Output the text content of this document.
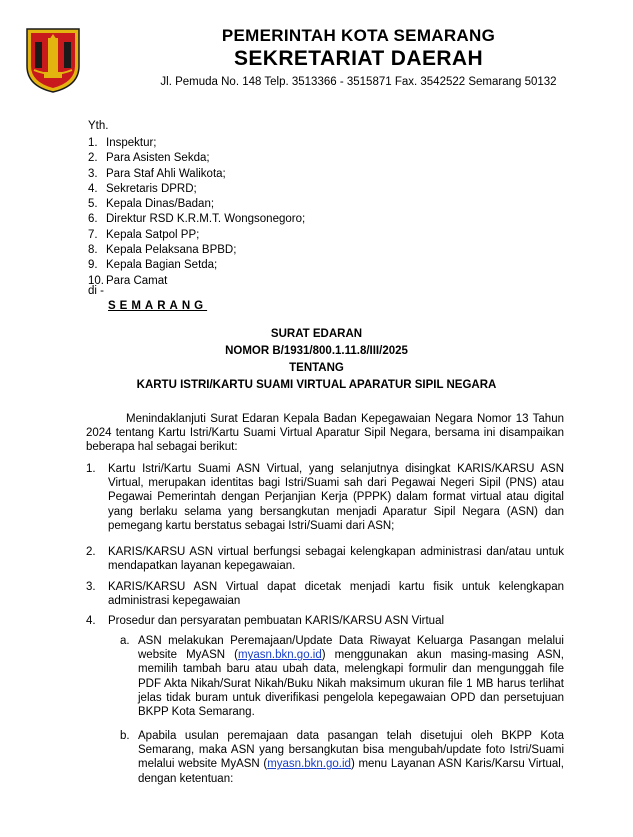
PEMERINTAH KOTA SEMARANG
SEKRETARIAT DAERAH
Jl. Pemuda No. 148 Telp. 3513366 - 3515871 Fax. 3542522 Semarang 50132
Yth.
1. Inspektur;
2. Para Asisten Sekda;
3. Para Staf Ahli Walikota;
4. Sekretaris DPRD;
5. Kepala Dinas/Badan;
6. Direktur RSD K.R.M.T. Wongsonegoro;
7. Kepala Satpol PP;
8. Kepala Pelaksana BPBD;
9. Kepala Bagian Setda;
10. Para Camat
di -
SEMARANG
SURAT EDARAN
NOMOR B/1931/800.1.11.8/III/2025
TENTANG
KARTU ISTRI/KARTU SUAMI VIRTUAL APARATUR SIPIL NEGARA

Menindaklanjuti Surat Edaran Kepala Badan Kepegawaian Negara Nomor 13 Tahun 2024 tentang Kartu Istri/Kartu Suami Virtual Aparatur Sipil Negara, bersama ini disampaikan beberapa hal sebagai berikut:

1. Kartu Istri/Kartu Suami ASN Virtual, yang selanjutnya disingkat KARIS/KARSU ASN Virtual, merupakan identitas bagi Istri/Suami sah dari Pegawai Negeri Sipil (PNS) atau Pegawai Pemerintah dengan Perjanjian Kerja (PPPK) dalam format virtual atau digital yang berlaku selama yang bersangkutan menjadi Aparatur Sipil Negara (ASN) dan pemegang kartu berstatus sebagai Istri/Suami dari ASN;
2. KARIS/KARSU ASN virtual berfungsi sebagai kelengkapan administrasi dan/atau untuk mendapatkan layanan kepegawaian.
3. KARIS/KARSU ASN Virtual dapat dicetak menjadi kartu fisik untuk kelengkapan administrasi kepegawaian
4. Prosedur dan persyaratan pembuatan KARIS/KARSU ASN Virtual
a. ASN melakukan Peremajaan/Update Data Riwayat Keluarga Pasangan melalui website MyASN (myasn.bkn.go.id) menggunakan akun masing-masing ASN, memilih tambah baru atau ubah data, melengkapi formulir dan mengunggah file PDF Akta Nikah/Surat Nikah/Buku Nikah maksimum ukuran file 1 MB harus terlihat jelas tidak buram untuk diverifikasi pengelola kepegawaian OPD dan persetujuan BKPP Kota Semarang.
b. Apabila usulan peremajaan data pasangan telah disetujui oleh BKPP Kota Semarang, maka ASN yang bersangkutan bisa mengubah/update foto Istri/Suami melalui website MyASN (myasn.bkn.go.id) menu Layanan ASN Karis/Karsu Virtual, dengan ketentuan:
